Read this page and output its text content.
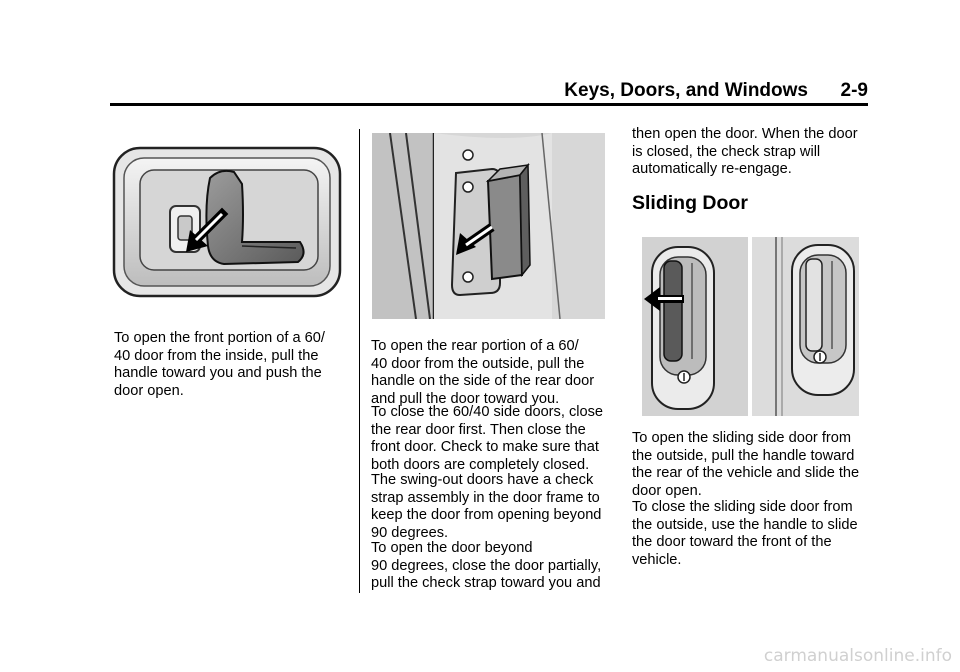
Keys, Doors, and Windows 2-9
To open the front portion of a 60/
40 door from the inside, pull the
handle toward you and push the
door open.
To open the rear portion of a 60/
40 door from the outside, pull the
handle on the side of the rear door
and pull the door toward you.
To close the 60/40 side doors, close
the rear door first. Then close the
front door. Check to make sure that
both doors are completely closed.
The swing-out doors have a check
strap assembly in the door frame to
keep the door from opening beyond
90 degrees.
To open the door beyond
90 degrees, close the door partially,
pull the check strap toward you and
then open the door. When the door
is closed, the check strap will
automatically re-engage.
Sliding Door
To open the sliding side door from
the outside, pull the handle toward
the rear of the vehicle and slide the
door open.
To close the sliding side door from
the outside, use the handle to slide
the door toward the front of the
vehicle.
carmanualsonline.info
